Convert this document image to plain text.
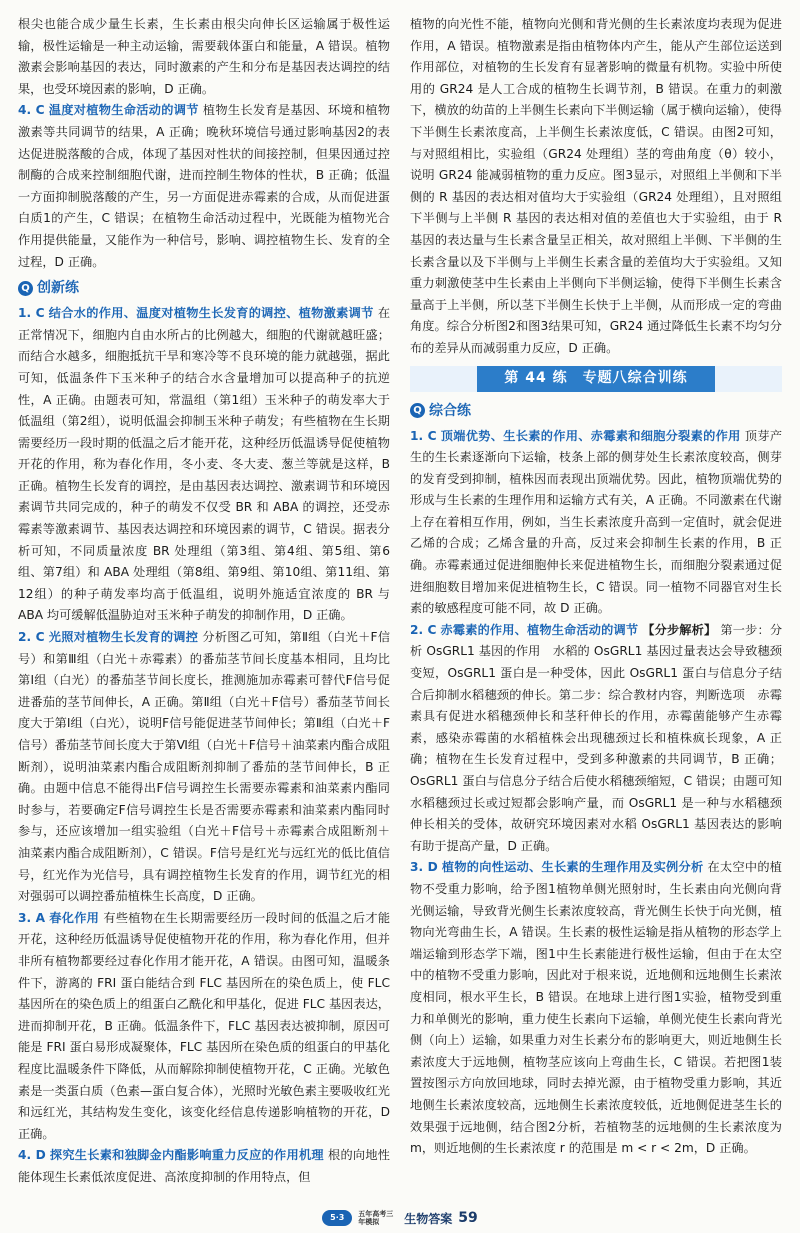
根尖也能合成少量生长素，生长素由根尖向伸长区运输属于极性运输，极性运输是一种主动运输，需要载体蛋白和能量，A 错误。植物激素会影响基因的表达，同时激素的产生和分布是基因表达调控的结果，也受环境因素的影响，D 正确。

4. C 温度对植物生命活动的调节 植物生长发育是基因、环境和植物激素等共同调节的结果，A 正确；晚秋环境信号通过影响基因2的表达促进脱落酸的合成，体现了基因对性状的间接控制，但果因通过控制酶的合成来控制细胞代谢，进而控制生物体的性状，B 正确；低温一方面抑制脱落酸的产生，另一方面促进赤霉素的合成，从而促进蛋白质1的产生，C 错误；在植物生命活动过程中，光既能为植物光合作用提供能量，又能作为一种信号，影响、调控植物生长、发育的全过程，D 正确。

Q 创新练

1. C 结合水的作用、温度对植物生长发育的调控、植物激素调节 在正常情况下，细胞内自由水所占的比例越大，细胞的代谢就越旺盛；而结合水越多，细胞抵抗干旱和寒冷等不良环境的能力就越强，据此可知，低温条件下玉米种子的结合水含量增加可以提高种子的抗逆性，A 正确。由题表可知，常温组（第1组）玉米种子的萌发率大于低温组（第2组），说明低温会抑制玉米种子萌发；有些植物在生长期需要经历一段时期的低温之后才能开花，这种经历低温诱导促使植物开花的作用，称为春化作用，冬小麦、冬大麦、葱兰等就是这样，B 正确。植物生长发育的调控，是由基因表达调控、激素调节和环境因素调节共同完成的，种子的萌发不仅受 BR 和 ABA 的调控，还受赤霉素等激素调节、基因表达调控和环境因素的调节，C 错误。据表分析可知，不同质量浓度 BR 处理组（第3组、第4组、第5组、第6组、第7组）和 ABA 处理组（第8组、第9组、第10组、第11组、第12组）的种子萌发率均高于低温组，说明外施适宜浓度的 BR 与 ABA 均可缓解低温胁迫对玉米种子萌发的抑制作用，D 正确。

2. C 光照对植物生长发育的调控 分析图乙可知，第Ⅱ组（白光＋F信号）和第Ⅲ组（白光＋赤霉素）的番茄茎节间长度基本相同，且均比第Ⅰ组（白光）的番茄茎节间长度长，推测施加赤霉素可替代F信号促进番茄的茎节间伸长，A 正确。第Ⅱ组（白光＋F信号）番茄茎节间长度大于第Ⅰ组（白光），说明F信号能促进茎节间伸长；第Ⅱ组（白光＋F信号）番茄茎节间长度大于第Ⅵ组（白光＋F信号＋油菜素内酯合成阻断剂），说明油菜素内酯合成阻断剂抑制了番茄的茎节间伸长，B 正确。由题中信息不能得出F信号调控生长需要赤霉素和油菜素内酯同时参与，若要确定F信号调控生长是否需要赤霉素和油菜素内酯同时参与，还应该增加一组实验组（白光＋F信号＋赤霉素合成阻断剂＋油菜素内酯合成阻断剂），C 错误。F信号是红光与远红光的低比值信号，红光作为光信号，具有调控植物生长发育的作用，调节红光的相对强弱可以调控番茄植株生长高度，D 正确。

3. A 春化作用 有些植物在生长期需要经历一段时间的低温之后才能开花，这种经历低温诱导促使植物开花的作用，称为春化作用，但并非所有植物都要经过春化作用才能开花，A 错误。由图可知，温暖条件下，游离的 FRI 蛋白能结合到 FLC 基因所在的染色质上，使 FLC 基因所在的染色质上的组蛋白乙酰化和甲基化，促进 FLC 基因表达，进而抑制开花，B 正确。低温条件下，FLC 基因表达被抑制，原因可能是 FRI 蛋白易形成凝聚体，FLC 基因所在染色质的组蛋白的甲基化程度比温暖条件下降低，从而解除抑制使植物开花，C 正确。光敏色素是一类蛋白质（色素—蛋白复合体），光照时光敏色素主要吸收红光和远红光，其结构发生变化，该变化经信息传递影响植物的开花，D 正确。

4. D 探究生长素和独脚金内酯影响重力反应的作用机理 根的向地性能体现生长素低浓度促进、高浓度抑制的作用特点，但

植物的向光性不能，植物向光侧和背光侧的生长素浓度均表现为促进作用，A 错误。植物激素是指由植物体内产生，能从产生部位运送到作用部位，对植物的生长发育有显著影响的微量有机物。实验中所使用的 GR24 是人工合成的植物生长调节剂，B 错误。在重力的刺激下，横放的幼苗的上半侧生长素向下半侧运输（属于横向运输），使得下半侧生长素浓度高，上半侧生长素浓度低，C 错误。由图2可知，与对照组相比，实验组（GR24 处理组）茎的弯曲角度（θ）较小，说明 GR24 能减弱植物的重力反应。图3显示，对照组上半侧和下半侧的 R 基因的表达相对值均大于实验组（GR24 处理组），且对照组下半侧与上半侧 R 基因的表达相对值的差值也大于实验组，由于 R 基因的表达量与生长素含量呈正相关，故对照组上半侧、下半侧的生长素含量以及下半侧与上半侧生长素含量的差值均大于实验组。又知重力刺激使茎中生长素由上半侧向下半侧运输，使得下半侧生长素含量高于上半侧，所以茎下半侧生长快于上半侧，从而形成一定的弯曲角度。综合分析图2和图3结果可知，GR24 通过降低生长素不均匀分布的差异从而减弱重力反应，D 正确。

第 44 练　专题八综合训练
Q 综合练

1. C 顶端优势、生长素的作用、赤霉素和细胞分裂素的作用 顶芽产生的生长素逐渐向下运输，枝条上部的侧芽处生长素浓度较高，侧芽的发育受到抑制，植株因而表现出顶端优势。因此，植物顶端优势的形成与生长素的生理作用和运输方式有关，A 正确。不同激素在代谢上存在着相互作用，例如，当生长素浓度升高到一定值时，就会促进乙烯的合成；乙烯含量的升高，反过来会抑制生长素的作用，B 正确。赤霉素通过促进细胞伸长来促进植物生长，而细胞分裂素通过促进细胞数目增加来促进植物生长，C 错误。同一植物不同器官对生长素的敏感程度可能不同，故 D 正确。

2. C 赤霉素的作用、植物生命活动的调节 【分步解析】 第一步：分析 OsGRL1 基因的作用　水稻的 OsGRL1 基因过量表达会导致穗颈变短，OsGRL1 蛋白是一种受体，因此 OsGRL1 蛋白与信息分子结合后抑制水稻穗颈的伸长。第二步：综合教材内容，判断选项　赤霉素具有促进水稻穗颈伸长和茎秆伸长的作用，赤霉菌能够产生赤霉素，感染赤霉菌的水稻植株会出现穗颈过长和植株疯长现象，A 正确；植物在生长发育过程中，受到多种激素的共同调节，B 正确；OsGRL1 蛋白与信息分子结合后使水稻穗颈缩短，C 错误；由题可知水稻穗颈过长或过短都会影响产量，而 OsGRL1 是一种与水稻穗颈伸长相关的受体，故研究环境因素对水稻 OsGRL1 基因表达的影响有助于提高产量，D 正确。

3. D 植物的向性运动、生长素的生理作用及实例分析 在太空中的植物不受重力影响，给予图1植物单侧光照射时，生长素由向光侧向背光侧运输，导致背光侧生长素浓度较高，背光侧生长快于向光侧，植物向光弯曲生长，A 错误。生长素的极性运输是指从植物的形态学上端运输到形态学下端，图1中生长素能进行极性运输，但由于在太空中的植物不受重力影响，因此对于根来说，近地侧和远地侧生长素浓度相同，根水平生长，B 错误。在地球上进行图1实验，植物受到重力和单侧光的影响，重力使生长素向下运输，单侧光使生长素向背光侧（向上）运输，如果重力对生长素分布的影响更大，则近地侧生长素浓度大于远地侧，植物茎应该向上弯曲生长，C 错误。若把图1装置按图示方向放回地球，同时去掉光源，由于植物受重力影响，其近地侧生长素浓度较高，远地侧生长素浓度较低，近地侧促进茎生长的效果强于远地侧，结合图2分析，若植物茎的远地侧的生长素浓度为 m，则近地侧的生长素浓度 r 的范围是 m < r < 2m，D 正确。

5·3	五年高考三年模拟	生物答案 59
